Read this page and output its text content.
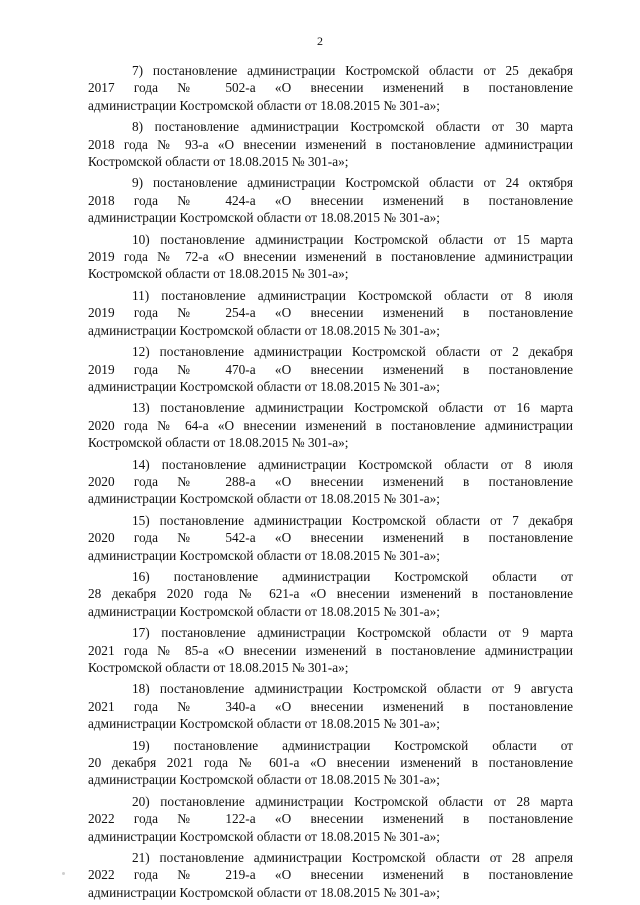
2
7) постановление администрации Костромской области от 25 декабря
2017 года № 502-а «О внесении изменений в постановление
администрации Костромской области от 18.08.2015 № 301-а»;
8) постановление администрации Костромской области от 30 марта
2018 года № 93-а «О внесении изменений в постановление администрации
Костромской области от 18.08.2015 № 301-а»;
9) постановление администрации Костромской области от 24 октября
2018 года № 424-а «О внесении изменений в постановление
администрации Костромской области от 18.08.2015 № 301-а»;
10) постановление администрации Костромской области от 15 марта
2019 года № 72-а «О внесении изменений в постановление администрации
Костромской области от 18.08.2015 № 301-а»;
11) постановление администрации Костромской области от 8 июля
2019 года № 254-а «О внесении изменений в постановление
администрации Костромской области от 18.08.2015 № 301-а»;
12) постановление администрации Костромской области от 2 декабря
2019 года № 470-а «О внесении изменений в постановление
администрации Костромской области от 18.08.2015 № 301-а»;
13) постановление администрации Костромской области от 16 марта
2020 года № 64-а «О внесении изменений в постановление администрации
Костромской области от 18.08.2015 № 301-а»;
14) постановление администрации Костромской области от 8 июля
2020 года № 288-а «О внесении изменений в постановление
администрации Костромской области от 18.08.2015 № 301-а»;
15) постановление администрации Костромской области от 7 декабря
2020 года № 542-а «О внесении изменений в постановление
администрации Костромской области от 18.08.2015 № 301-а»;
16) постановление администрации Костромской области от
28 декабря 2020 года № 621-а «О внесении изменений в постановление
администрации Костромской области от 18.08.2015 № 301-а»;
17) постановление администрации Костромской области от 9 марта
2021 года № 85-а «О внесении изменений в постановление администрации
Костромской области от 18.08.2015 № 301-а»;
18) постановление администрации Костромской области от 9 августа
2021 года № 340-а «О внесении изменений в постановление
администрации Костромской области от 18.08.2015 № 301-а»;
19) постановление администрации Костромской области от
20 декабря 2021 года № 601-а «О внесении изменений в постановление
администрации Костромской области от 18.08.2015 № 301-а»;
20) постановление администрации Костромской области от 28 марта
2022 года № 122-а «О внесении изменений в постановление
администрации Костромской области от 18.08.2015 № 301-а»;
21) постановление администрации Костромской области от 28 апреля
2022 года № 219-а «О внесении изменений в постановление
администрации Костромской области от 18.08.2015 № 301-а»;
